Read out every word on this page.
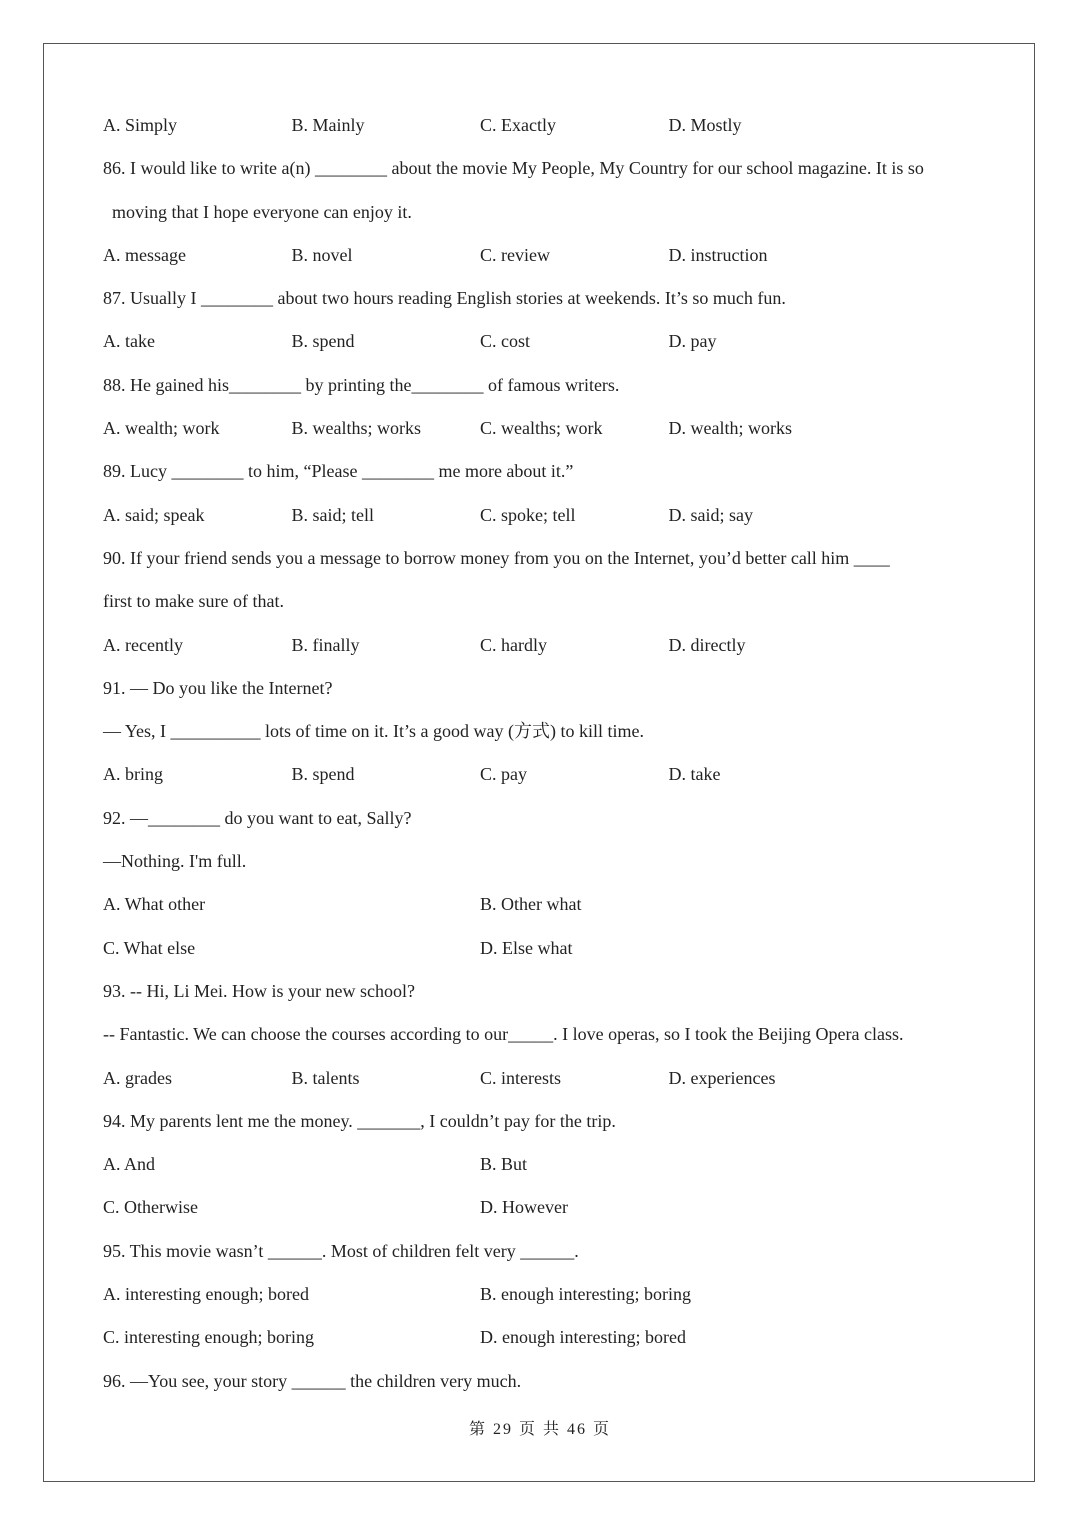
A. Simply	B. Mainly	C. Exactly	D. Mostly
86. I would like to write a(n) ________ about the movie My People, My Country for our school magazine. It is so
moving that I hope everyone can enjoy it.
A. message	B. novel	C. review	D. instruction
87. Usually I ________ about two hours reading English stories at weekends. It’s so much fun.
A. take	B. spend	C. cost	D. pay
88. He gained his________ by printing the________ of famous writers.
A. wealth; work	B. wealths; works	C. wealths; work	D. wealth; works
89. Lucy ________ to him, “Please ________ me more about it.”
A. said; speak	B. said; tell	C. spoke; tell	D. said; say
90. If your friend sends you a message to borrow money from you on the Internet, you’d better call him ____
first to make sure of that.
A. recently	B. finally	C. hardly	D. directly
91. — Do you like the Internet?
— Yes, I __________ lots of time on it. It’s a good way (方式) to kill time.
A. bring	B. spend	C. pay	D. take
92. —________ do you want to eat, Sally?
—Nothing. I'm full.
A. What other	B. Other what
C. What else	D. Else what
93. -- Hi, Li Mei. How is your new school?
-- Fantastic. We can choose the courses according to our_____. I love operas, so I took the Beijing Opera class.
A. grades	B. talents	C. interests	D. experiences
94. My parents lent me the money. _______, I couldn’t pay for the trip.
A. And	B. But
C. Otherwise	D. However
95. This movie wasn’t ______. Most of children felt very ______.
A. interesting enough; bored	B. enough interesting; boring
C. interesting enough; boring	D. enough interesting; bored
96. —You see, your story ______ the children very much.
第 29 页 共 46 页
